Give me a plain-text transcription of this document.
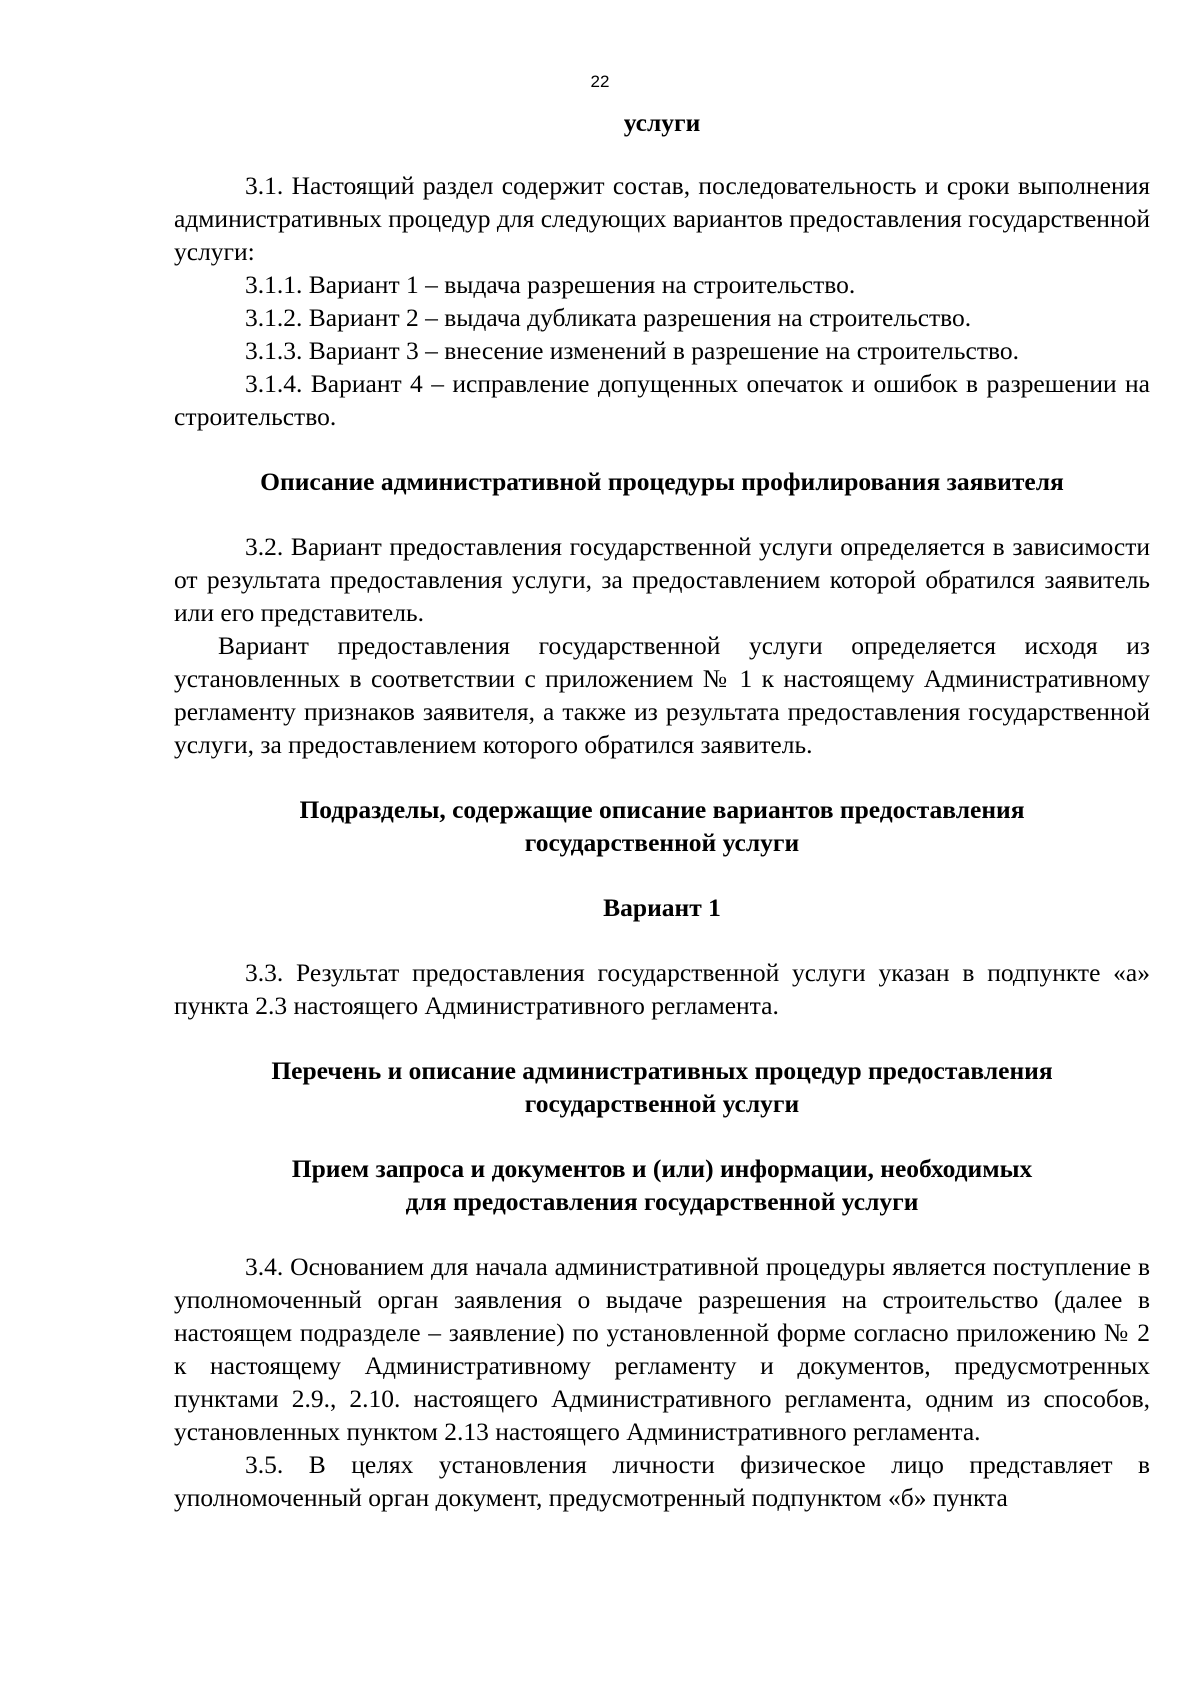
22

услуги

3.1. Настоящий раздел содержит состав, последовательность и сроки выполнения административных процедур для следующих вариантов предоставления государственной услуги:

3.1.1. Вариант 1 – выдача разрешения на строительство.

3.1.2. Вариант 2 – выдача дубликата разрешения на строительство.

3.1.3. Вариант 3 – внесение изменений в разрешение на строительство.

3.1.4. Вариант 4 – исправление допущенных опечаток и ошибок в разрешении на строительство.

Описание административной процедуры профилирования заявителя

3.2. Вариант предоставления государственной услуги определяется в зависимости от результата предоставления услуги, за предоставлением которой обратился заявитель или его представитель.

Вариант предоставления государственной услуги определяется исходя из установленных в соответствии с приложением № 1 к настоящему Административному регламенту признаков заявителя, а также из результата предоставления государственной услуги, за предоставлением которого обратился заявитель.

Подразделы, содержащие описание вариантов предоставления

государственной услуги

Вариант 1

3.3. Результат предоставления государственной услуги указан в подпункте «а» пункта 2.3 настоящего Административного регламента.

Перечень и описание административных процедур предоставления

государственной услуги

Прием запроса и документов и (или) информации, необходимых

для предоставления государственной услуги

3.4. Основанием для начала административной процедуры является поступление в уполномоченный орган заявления о выдаче разрешения на строительство (далее в настоящем подразделе – заявление) по установленной форме согласно приложению № 2 к настоящему Административному регламенту и документов, предусмотренных пунктами 2.9., 2.10. настоящего Административного регламента, одним из способов, установленных пунктом 2.13 настоящего Административного регламента.

3.5. В целях установления личности физическое лицо представляет в уполномоченный орган документ, предусмотренный подпунктом «б» пункта
